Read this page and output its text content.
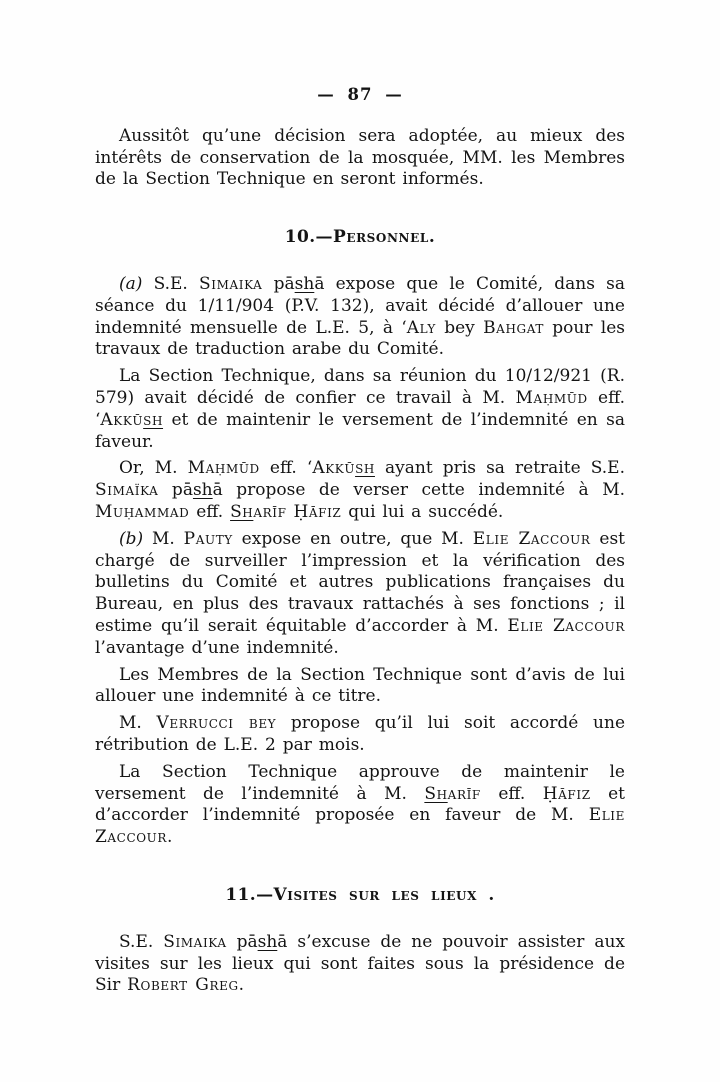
— 87 —

Aussitôt qu’une décision sera adoptée, au mieux des intérêts de conservation de la mosquée, MM. les Membres de la Section Technique en seront informés.

10.—Personnel.

(a) S.E. Simaika pāshā expose que le Comité, dans sa séance du 1/11/904 (P.V. 132), avait décidé d’allouer une indemnité mensuelle de L.E. 5, à ‘Aly bey Bahgat pour les travaux de traduction arabe du Comité.

La Section Technique, dans sa réunion du 10/12/921 (R. 579) avait décidé de confier ce travail à M. Maḥmūd eff. ‘Akkūsh et de maintenir le versement de l’indemnité en sa faveur.

Or, M. Maḥmūd eff. ‘Akkūsh ayant pris sa retraite S.E. Simaïka pāshā propose de verser cette indemnité à M. Muḥammad eff. Sharīf Ḥāfiz qui lui a succédé.

(b) M. Pauty expose en outre, que M. Elie Zaccour est chargé de surveiller l’impression et la vérification des bulletins du Comité et autres publications françaises du Bureau, en plus des travaux rattachés à ses fonctions ; il estime qu’il serait équitable d’accorder à M. Elie Zaccour l’avantage d’une indemnité.

Les Membres de la Section Technique sont d’avis de lui allouer une indemnité à ce titre.

M. Verrucci bey propose qu’il lui soit accordé une rétribution de L.E. 2 par mois.

La Section Technique approuve de maintenir le versement de l’indemnité à M. Sharīf eff. Ḥāfiz et d’accorder l’indemnité proposée en faveur de M. Elie Zaccour.

11.—Visites sur les lieux .

S.E. Simaika pāshā s’excuse de ne pouvoir assister aux visites sur les lieux qui sont faites sous la présidence de Sir Robert Greg.
